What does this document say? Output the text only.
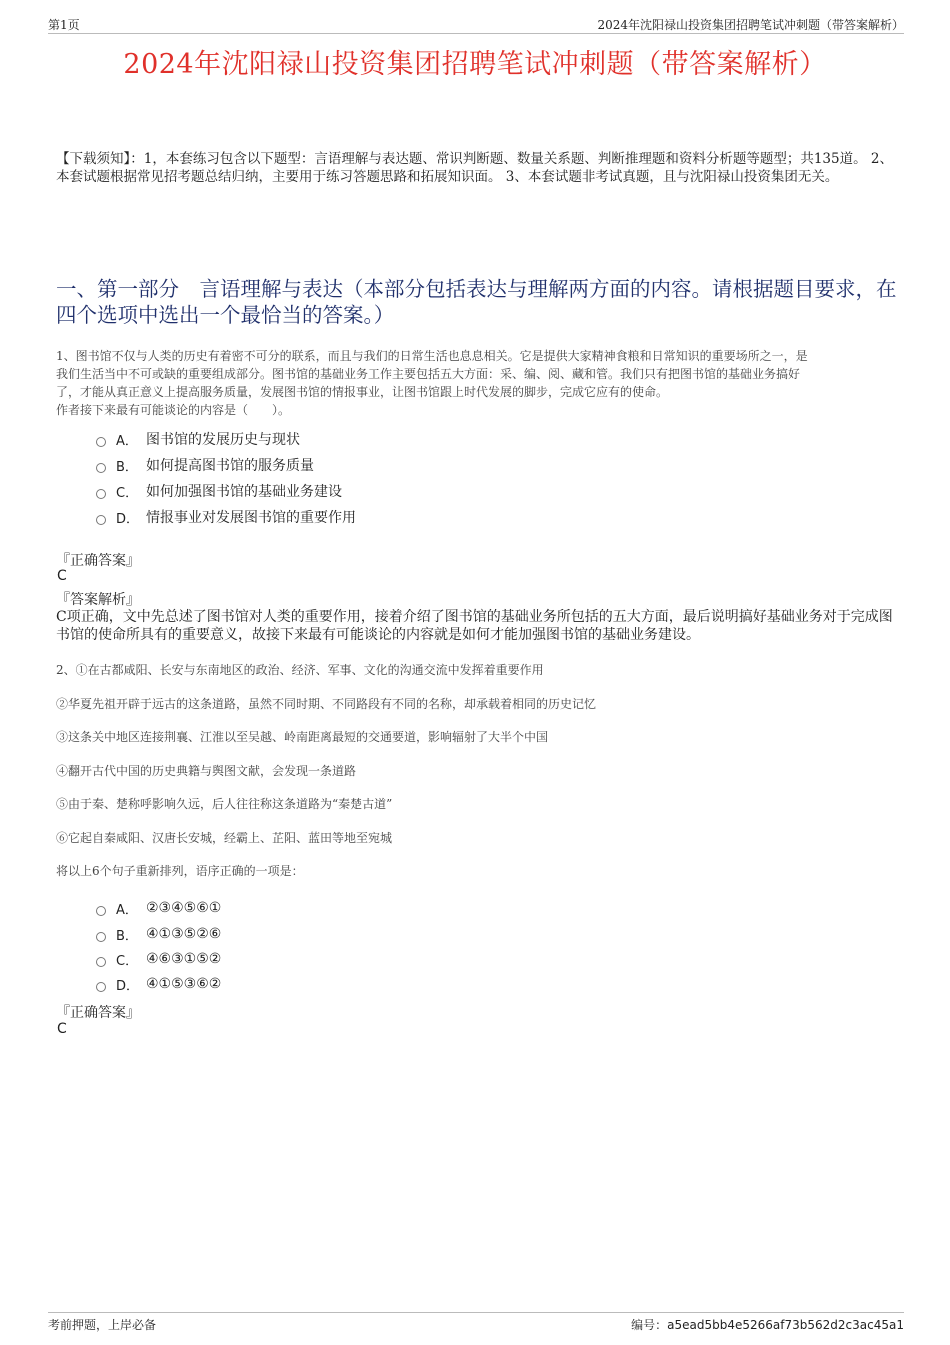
第1页	2024年沈阳禄山投资集团招聘笔试冲刺题（带答案解析）
2024年沈阳禄山投资集团招聘笔试冲刺题（带答案解析）
【下载须知】：1，本套练习包含以下题型：言语理解与表达题、常识判断题、数量关系题、判断推理题和资料分析题等题型；共135道。 2、本套试题根据常见招考题总结归纳，主要用于练习答题思路和拓展知识面。 3、本套试题非考试真题，且与沈阳禄山投资集团无关。
一、第一部分　言语理解与表达（本部分包括表达与理解两方面的内容。请根据题目要求，在四个选项中选出一个最恰当的答案。）
1、图书馆不仅与人类的历史有着密不可分的联系，而且与我们的日常生活也息息相关。它是提供大家精神食粮和日常知识的重要场所之一，是
我们生活当中不可或缺的重要组成部分。图书馆的基础业务工作主要包括五大方面：采、编、阅、藏和管。我们只有把图书馆的基础业务搞好
了，才能从真正意义上提高服务质量，发展图书馆的情报事业，让图书馆跟上时代发展的脚步，完成它应有的使命。
作者接下来最有可能谈论的内容是（　　）。
A． 图书馆的发展历史与现状
B． 如何提高图书馆的服务质量
C． 如何加强图书馆的基础业务建设
D． 情报事业对发展图书馆的重要作用
『正确答案』
C
『答案解析』
C项正确，文中先总述了图书馆对人类的重要作用，接着介绍了图书馆的基础业务所包括的五大方面，最后说明搞好基础业务对于完成图书馆的使命所具有的重要意义，故接下来最有可能谈论的内容就是如何才能加强图书馆的基础业务建设。
2、①在古都咸阳、长安与东南地区的政治、经济、军事、文化的沟通交流中发挥着重要作用
②华夏先祖开辟于远古的这条道路，虽然不同时期、不同路段有不同的名称，却承载着相同的历史记忆
③这条关中地区连接荆襄、江淮以至吴越、岭南距离最短的交通要道，影响辐射了大半个中国
④翻开古代中国的历史典籍与舆图文献，会发现一条道路
⑤由于秦、楚称呼影响久远，后人往往称这条道路为“秦楚古道”
⑥它起自秦咸阳、汉唐长安城，经霸上、芷阳、蓝田等地至宛城
将以上6个句子重新排列，语序正确的一项是：
A． ②③④⑤⑥①
B． ④①③⑤②⑥
C． ④⑥③①⑤②
D． ④①⑤③⑥②
『正确答案』
C
考前押题，上岸必备	编号：a5ead5bb4e5266af73b562d2c3ac45a1
